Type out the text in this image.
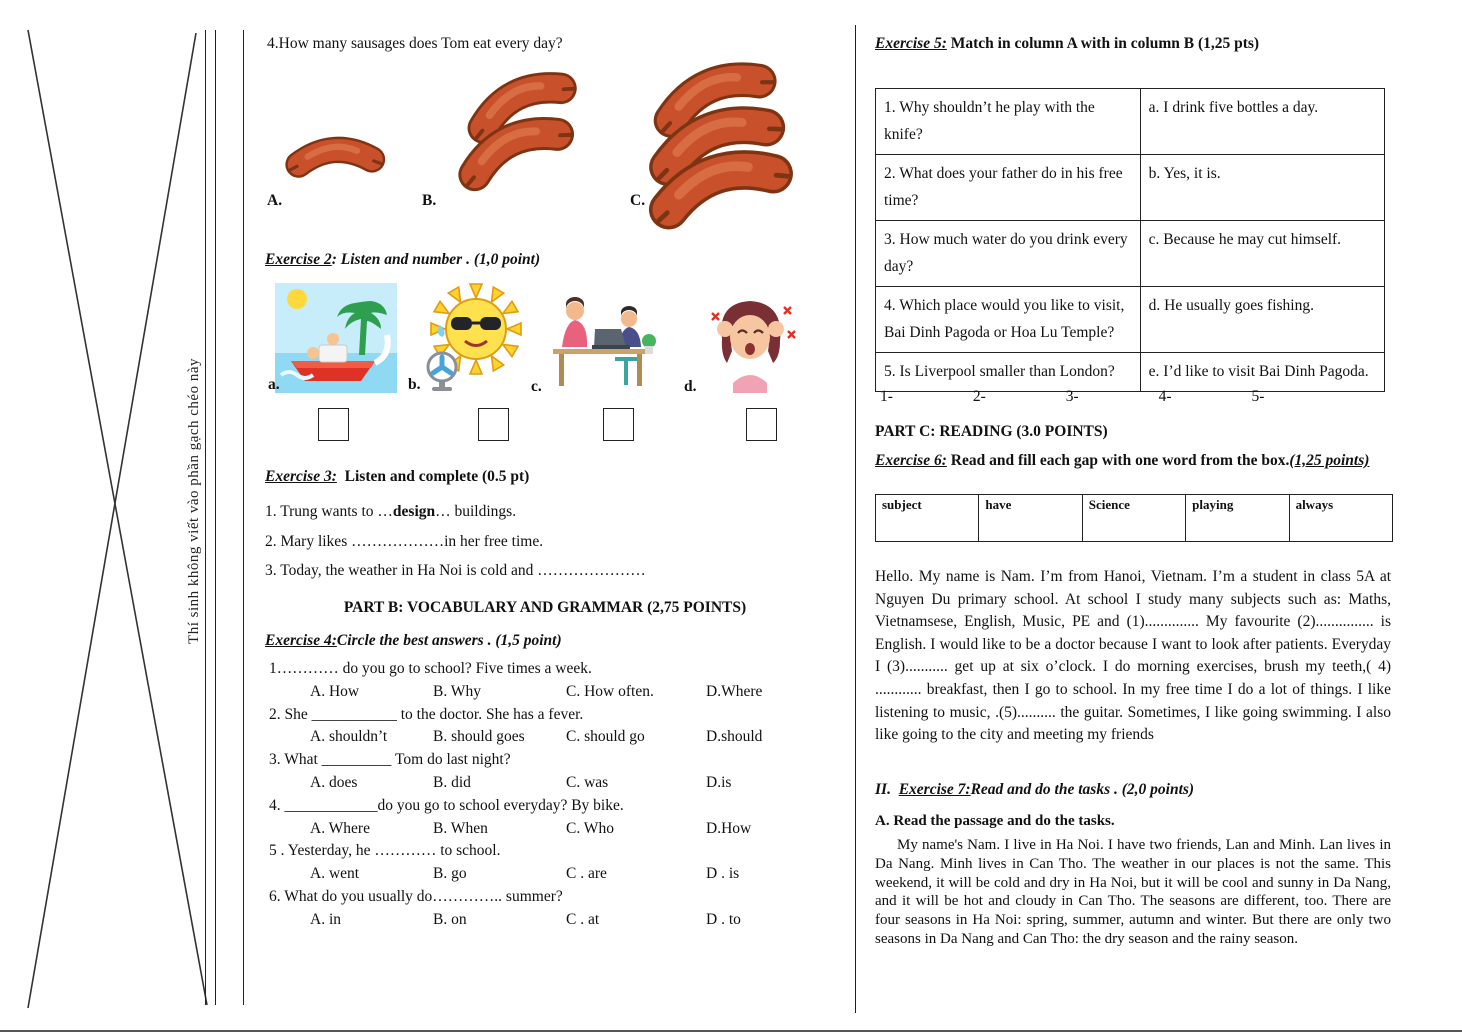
Thí sinh không viết vào phần gạch chéo này
4.How many sausages does Tom eat every day?
A.	B.	C.
Exercise 2: Listen and number . (1,0 point)
a.	b.	c.	d.
Exercise 3:  Listen and complete (0.5 pt)
1. Trung wants to …design… buildings.
2. Mary likes ………………in her free time.
3. Today, the weather in Ha Noi is cold and …………………
PART B: VOCABULARY AND GRAMMAR (2,75 POINTS)
Exercise 4:Circle the best answers . (1,5 point)
1………… do you go to school? Five times a week.
A. How	B. Why	C. How often.	D.Where
2. She ___________ to the doctor. She has a fever.
A. shouldn’t	B. should goes	C. should go	D.should
3. What _________ Tom do last night?
A. does	B. did	C. was	D.is
4. ____________do you go to school everyday? By bike.
A. Where	B. When	C. Who	D.How
5 . Yesterday, he ………… to school.
A. went	B. go	C . are	D . is
6. What do you usually do………….. summer?
A. in	B. on	C . at	D . to
Exercise 5: Match in column A with in column B (1,25 pts)
1. Why shouldn’t he play with the knife?	a. I drink five bottles a day.
2. What does your father do in his free time?	b. Yes, it is.
3. How much water do you drink every day?	c. Because he may cut himself.
4. Which place would you like to visit, Bai Dinh Pagoda or Hoa Lu Temple?	d. He usually goes fishing.
5. Is Liverpool smaller than London?	e. I’d like to visit Bai Dinh Pagoda.
1-	2-	3-	4-	5-
PART C: READING (3.0 POINTS)
Exercise 6: Read and fill each gap with one word from the box.(1,25 points)
subject	have	Science	playing	always
Hello. My name is Nam. I’m from Hanoi, Vietnam. I’m a student in class 5A at Nguyen Du primary school. At school I study many subjects such as: Maths, Vietnamsese, English, Music, PE and (1).............. My favourite (2)............... is English. I would like to be a doctor because I want to look after patients. Everyday I (3)........... get up at six o’clock. I do morning exercises, brush my teeth,( 4) ............ breakfast, then I go to school. In my free time I do a lot of things. I like listening to music, .(5).......... the guitar. Sometimes, I like going swimming. I also like going to the city and meeting my friends
II.  Exercise 7:Read and do the tasks . (2,0 points)
A. Read the passage and do the tasks.
My name's Nam. I live in Ha Noi. I have two friends, Lan and Minh. Lan lives in Da Nang. Minh lives in Can Tho. The weather in our places is not the same. This weekend, it will be cold and dry in Ha Noi, but it will be cool and sunny in Da Nang, and it will be hot and cloudy in Can Tho. The seasons are different, too. There are four seasons in Ha Noi: spring, summer, autumn and winter. But there are only two seasons in Da Nang and Can Tho: the dry season and the rainy season.
